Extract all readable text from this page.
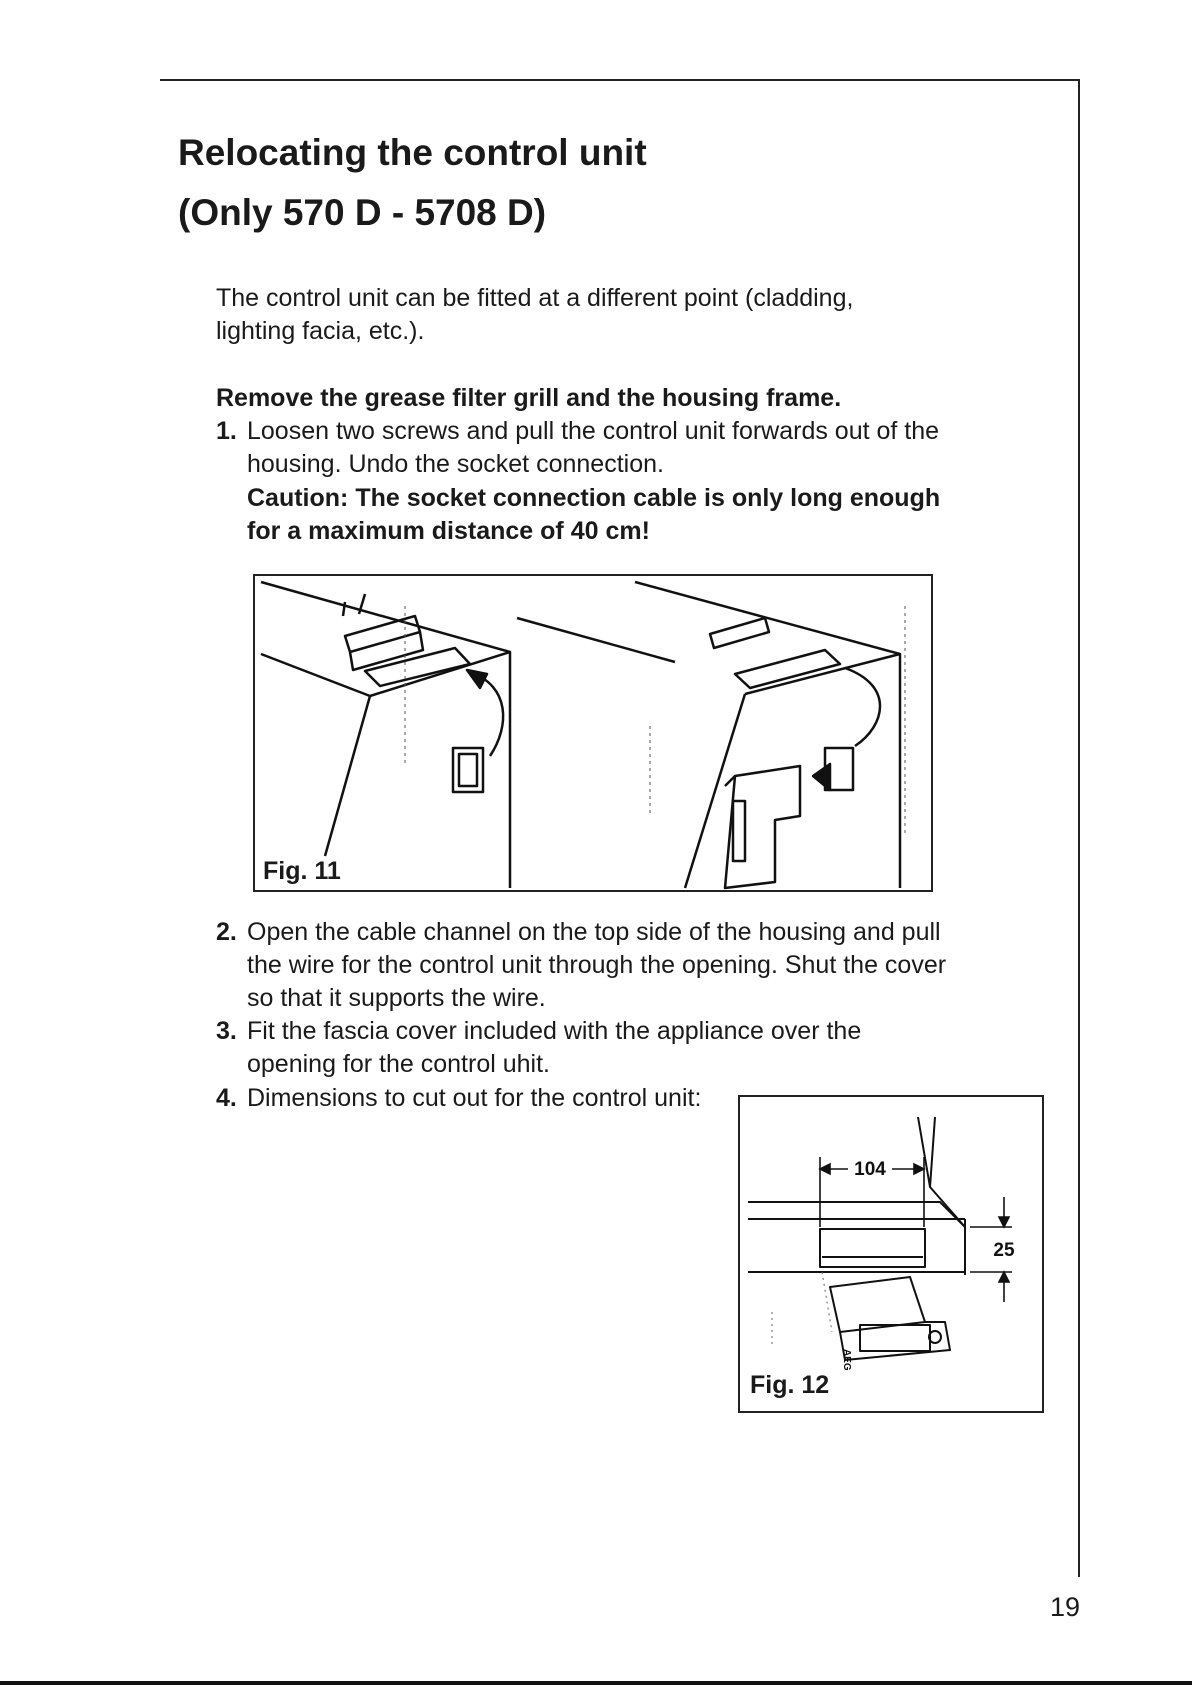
Relocating the control unit
(Only 570 D - 5708 D)

The control unit can be fitted at a different point (cladding,

lighting facia, etc.).

Remove the grease filter grill and the housing frame.

1. Loosen two screws and pull the control unit forwards out of the

housing. Undo the socket connection.

Caution: The socket connection cable is only long enough

for a maximum distance of 40 cm!

Fig. 11
2. Open the cable channel on the top side of the housing and pull

the wire for the control unit through the opening. Shut the cover

so that it supports the wire.

3. Fit the fascia cover included with the appliance over the

opening for the control uhit.

4. Dimensions to cut out for the control unit:

104
25
AEG
Fig. 12
19
